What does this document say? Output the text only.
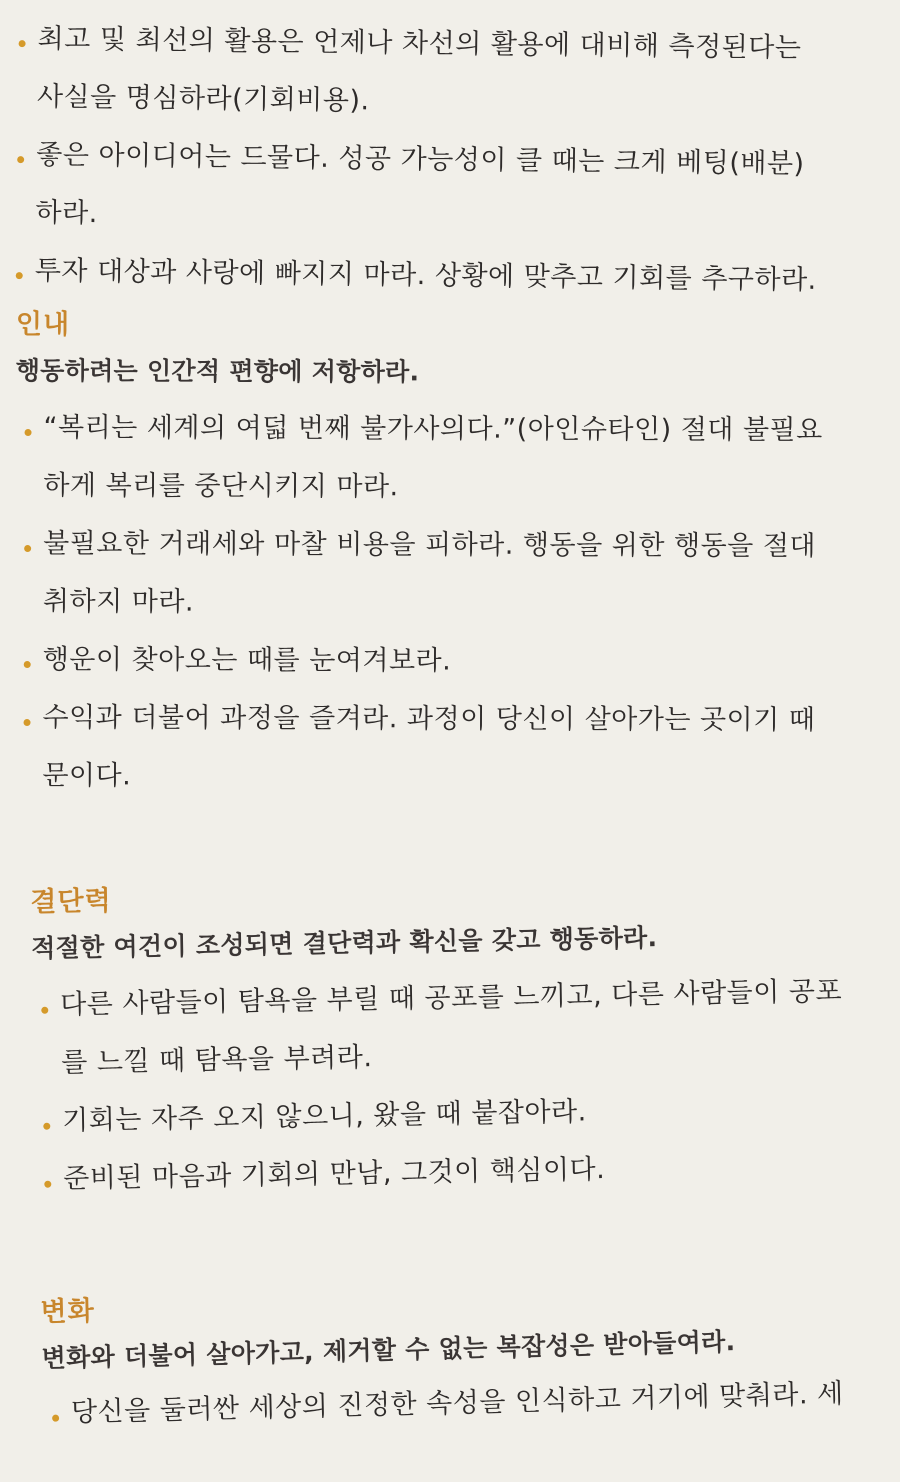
최고 및 최선의 활용은 언제나 차선의 활용에 대비해 측정된다는 사실을 명심하라(기회비용).
좋은 아이디어는 드물다. 성공 가능성이 클 때는 크게 베팅(배분)하라.
투자 대상과 사랑에 빠지지 마라. 상황에 맞추고 기회를 추구하라.
인내
행동하려는 인간적 편향에 저항하라.
“복리는 세계의 여덟 번째 불가사의다.”(아인슈타인) 절대 불필요하게 복리를 중단시키지 마라.
불필요한 거래세와 마찰 비용을 피하라. 행동을 위한 행동을 절대 취하지 마라.
행운이 찾아오는 때를 눈여겨보라.
수익과 더불어 과정을 즐겨라. 과정이 당신이 살아가는 곳이기 때문이다.
결단력
적절한 여건이 조성되면 결단력과 확신을 갖고 행동하라.
다른 사람들이 탐욕을 부릴 때 공포를 느끼고, 다른 사람들이 공포를 느낄 때 탐욕을 부려라.
기회는 자주 오지 않으니, 왔을 때 붙잡아라.
준비된 마음과 기회의 만남, 그것이 핵심이다.
변화
변화와 더불어 살아가고, 제거할 수 없는 복잡성은 받아들여라.
당신을 둘러싼 세상의 진정한 속성을 인식하고 거기에 맞춰라. 세
